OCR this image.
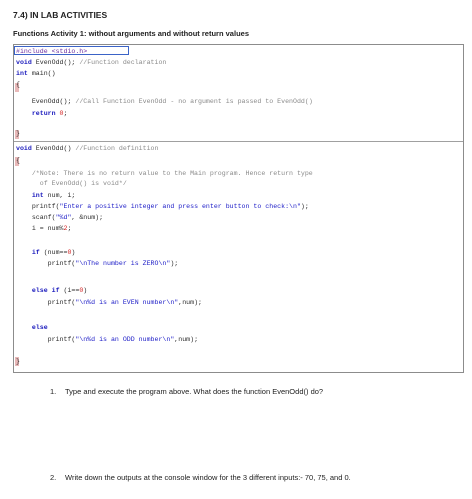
7.4) IN LAB ACTIVITIES
Functions Activity 1: without arguments and without return values
#include <stdio.h>
void EvenOdd(); //Function declaration
int main()
{
EvenOdd(); //Call Function EvenOdd - no argument is passed to EvenOdd()
return 0;
}
void EvenOdd() //Function definition
{
/*Note: There is no return value to the Main program. Hence return type
of EvenOdd() is void*/
int num, i;
printf("Enter a positive integer and press enter button to check:\n");
scanf("%d", &num);
i = num%2;
if (num==0)
printf("\nThe number is ZERO\n");
else if (i==0)
printf("\n%d is an EVEN number\n",num);
else
printf("\n%d is an ODD number\n",num);
}
1. Type and execute the program above. What does the function EvenOdd() do?
2. Write down the outputs at the console window for the 3 different inputs:- 70, 75, and 0.
